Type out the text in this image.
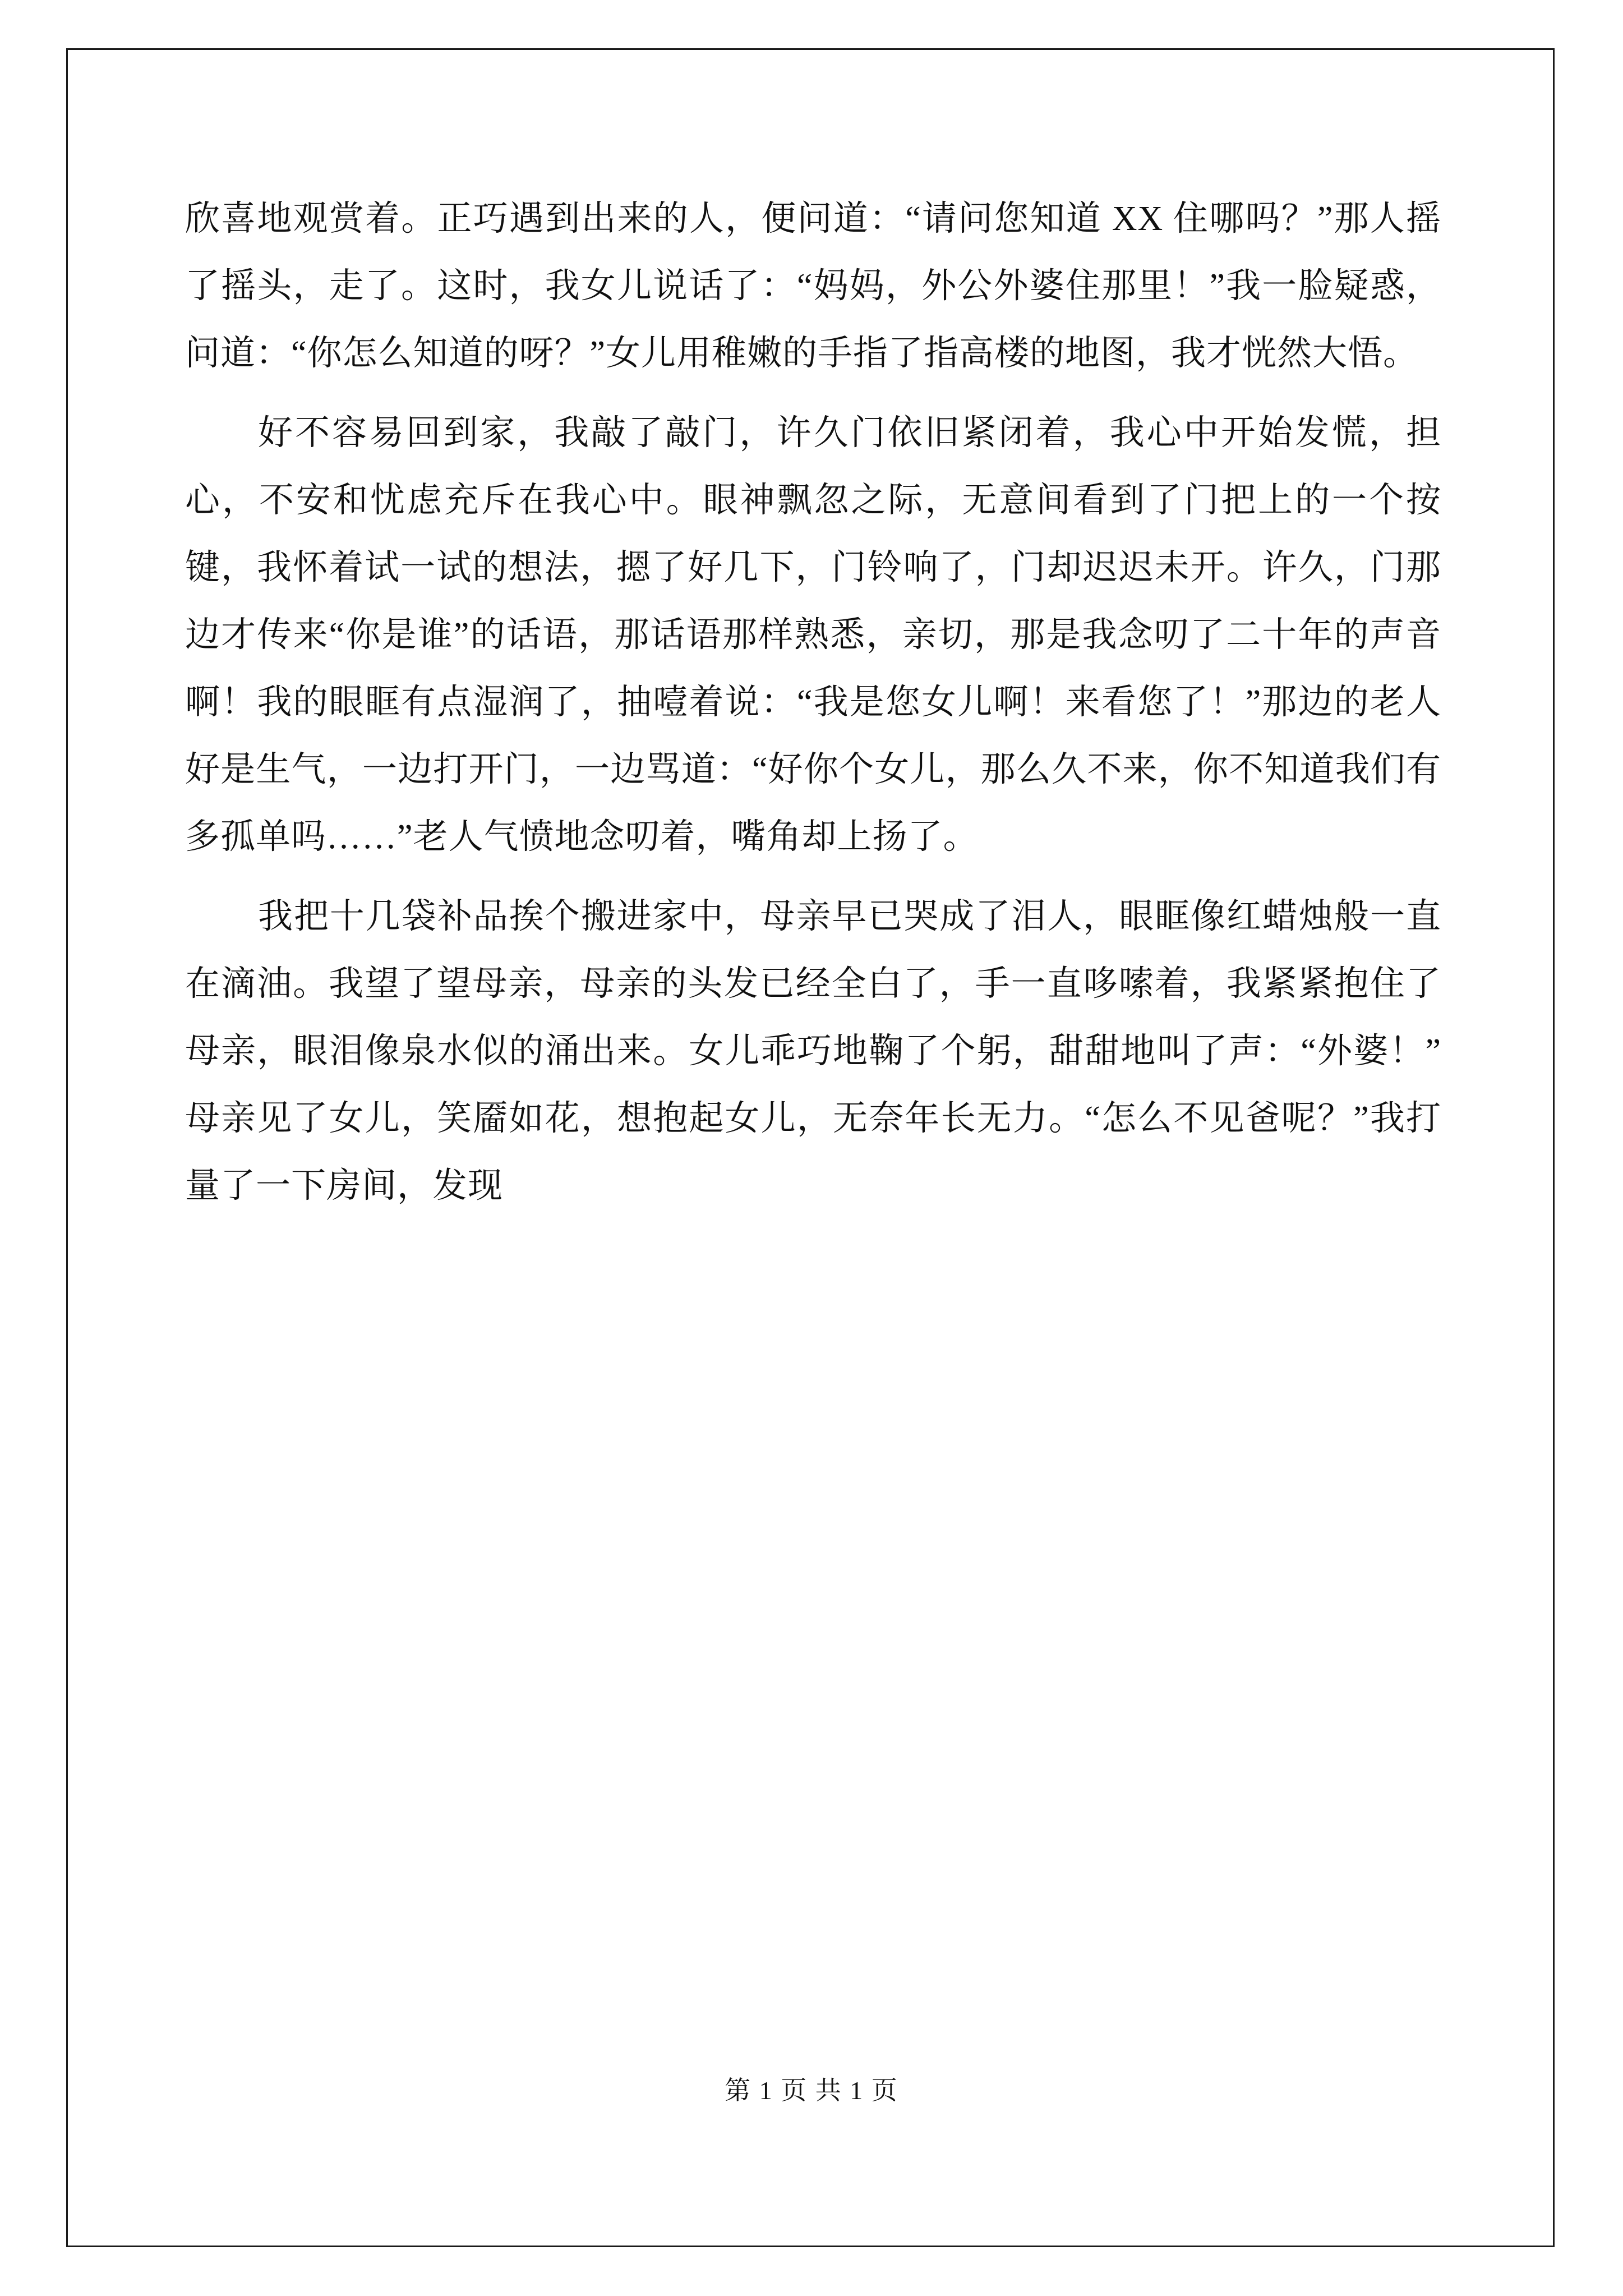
欣喜地观赏着。正巧遇到出来的人，便问道：“请问您知道 XX 住哪吗？”那人摇了摇头，走了。这时，我女儿说话了：“妈妈，外公外婆住那里！”我一脸疑惑，问道：“你怎么知道的呀？”女儿用稚嫩的手指了指高楼的地图，我才恍然大悟。

好不容易回到家，我敲了敲门，许久门依旧紧闭着，我心中开始发慌，担心，不安和忧虑充斥在我心中。眼神飘忽之际，无意间看到了门把上的一个按键，我怀着试一试的想法，摁了好几下，门铃响了，门却迟迟未开。许久，门那边才传来“你是谁”的话语，那话语那样熟悉，亲切，那是我念叨了二十年的声音啊！我的眼眶有点湿润了，抽噎着说：“我是您女儿啊！来看您了！”那边的老人好是生气，一边打开门，一边骂道：“好你个女儿，那么久不来，你不知道我们有多孤单吗……”老人气愤地念叨着，嘴角却上扬了。

我把十几袋补品挨个搬进家中，母亲早已哭成了泪人，眼眶像红蜡烛般一直在滴油。我望了望母亲，母亲的头发已经全白了，手一直哆嗦着，我紧紧抱住了母亲，眼泪像泉水似的涌出来。女儿乖巧地鞠了个躬，甜甜地叫了声：“外婆！”母亲见了女儿，笑靥如花，想抱起女儿，无奈年长无力。“怎么不见爸呢？”我打量了一下房间，发现

第 1 页 共 1 页
